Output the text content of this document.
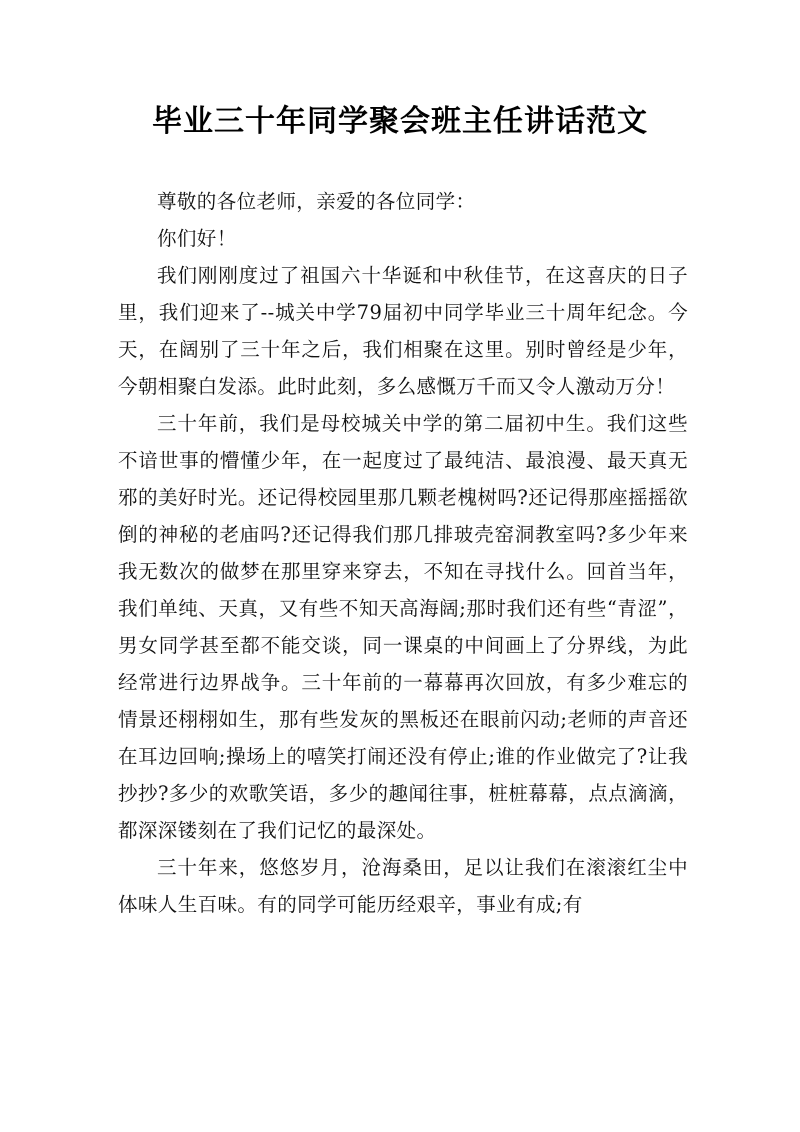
毕业三十年同学聚会班主任讲话范文

尊敬的各位老师，亲爱的各位同学：

你们好！

我们刚刚度过了祖国六十华诞和中秋佳节，在这喜庆的日子里，我们迎来了--城关中学79届初中同学毕业三十周年纪念。今天，在阔别了三十年之后，我们相聚在这里。别时曾经是少年，今朝相聚白发添。此时此刻，多么感慨万千而又令人激动万分！

三十年前，我们是母校城关中学的第二届初中生。我们这些不谙世事的懵懂少年，在一起度过了最纯洁、最浪漫、最天真无邪的美好时光。还记得校园里那几颗老槐树吗?还记得那座摇摇欲倒的神秘的老庙吗?还记得我们那几排玻壳窑洞教室吗?多少年来我无数次的做梦在那里穿来穿去，不知在寻找什么。回首当年，我们单纯、天真，又有些不知天高海阔;那时我们还有些“青涩”，男女同学甚至都不能交谈，同一课桌的中间画上了分界线，为此经常进行边界战争。三十年前的一幕幕再次回放，有多少难忘的情景还栩栩如生，那有些发灰的黑板还在眼前闪动;老师的声音还在耳边回响;操场上的嘻笑打闹还没有停止;谁的作业做完了?让我抄抄?多少的欢歌笑语，多少的趣闻往事，桩桩幕幕，点点滴滴，都深深镂刻在了我们记忆的最深处。

三十年来，悠悠岁月，沧海桑田，足以让我们在滚滚红尘中体味人生百味。有的同学可能历经艰辛，事业有成;有
